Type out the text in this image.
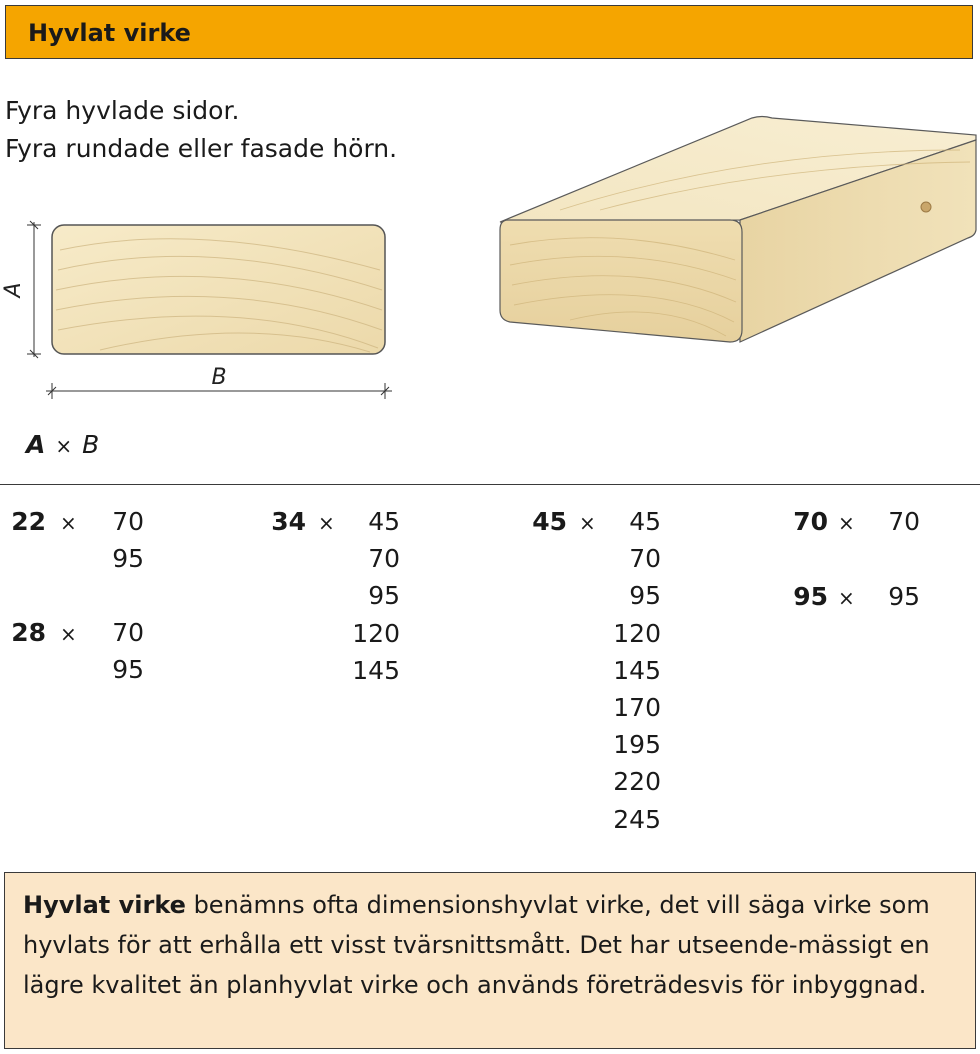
Hyvlat virke
Fyra hyvlade sidor.
Fyra rundade eller fasade hörn.
A
B
A × B
22 ×	70
95
28 ×	70
95
34 ×	45
70
95
120
145
45 ×	45
70
95
120
145
170
195
220
245
70 ×	70
95 ×	95

Hyvlat virke benämns ofta dimensionshyvlat virke, det vill säga virke som hyvlats för att erhålla ett visst tvärsnittsmått. Det har utseende-mässigt en lägre kvalitet än planhyvlat virke och används företrädesvis för inbyggnad.
